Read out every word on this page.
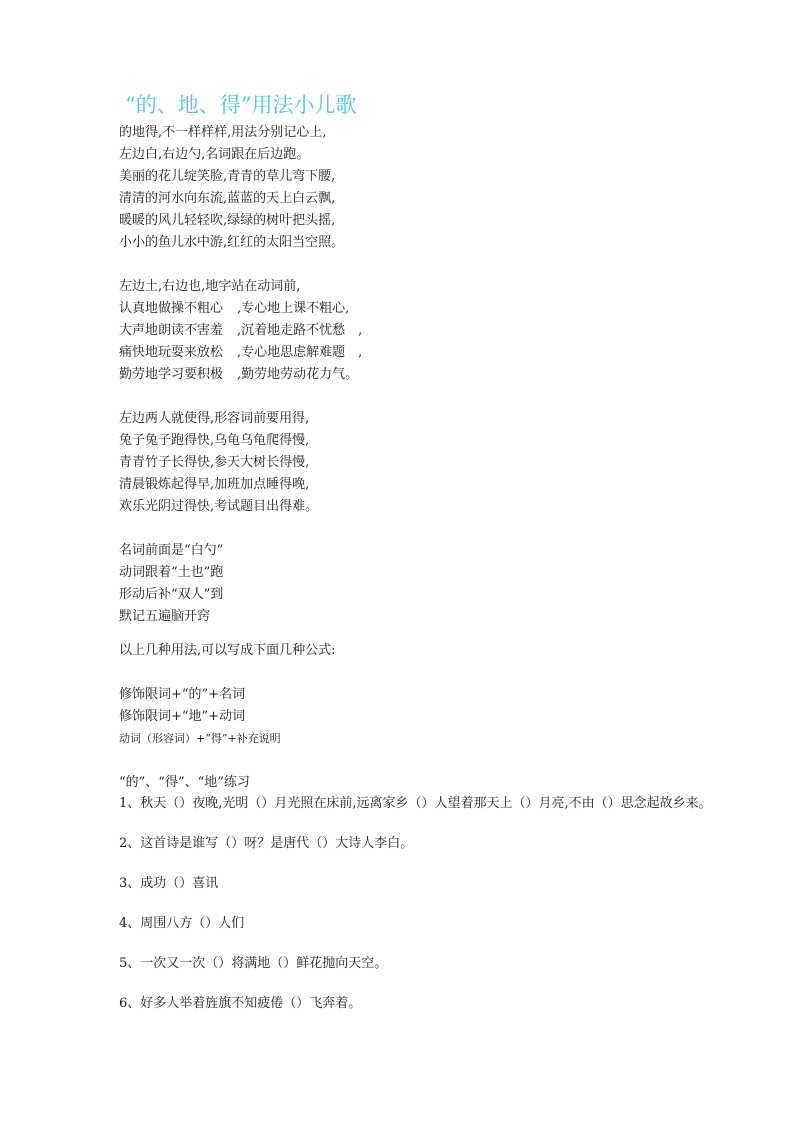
“的、地、得”用法小儿歌
的地得,不一样样样,用法分别记心上,
左边白,右边勺,名词跟在后边跑。
美丽的花儿绽笑脸,青青的草儿弯下腰,
清清的河水向东流,蓝蓝的天上白云飘,
暖暖的风儿轻轻吹,绿绿的树叶把头摇,
小小的鱼儿水中游,红红的太阳当空照。
左边土,右边也,地字站在动词前,
认真地做操不粗心 ,专心地上课不粗心,
大声地朗读不害羞 ,沉着地走路不忧愁　,
痛快地玩耍来放松 ,专心地思虑解难题　,
勤劳地学习要积极 ,勤劳地劳动花力气。
左边两人就使得,形容词前要用得,
兔子兔子跑得快,乌龟乌龟爬得慢,
青青竹子长得快,参天大树长得慢,
清晨锻炼起得早,加班加点睡得晚,
欢乐光阴过得快,考试题目出得难。
名词前面是“白勺”
动词跟着“土也”跑
形动后补“双人”到
默记五遍脑开窍
以上几种用法,可以写成下面几种公式:
修饰限词+“的”+名词
修饰限词+“地”+动词
动词（形容词）+“得”+补充说明
“的”、“得”、“地”练习
1、秋天（）夜晚,光明（）月光照在床前,远离家乡（）人望着那天上（）月亮,不由（）思念起故乡来。
2、这首诗是谁写（）呀？是唐代（）大诗人李白。
3、成功（）喜讯
4、周围八方（）人们
5、一次又一次（）将满地（）鲜花抛向天空。
6、好多人举着旌旗不知疲倦（）飞奔着。
